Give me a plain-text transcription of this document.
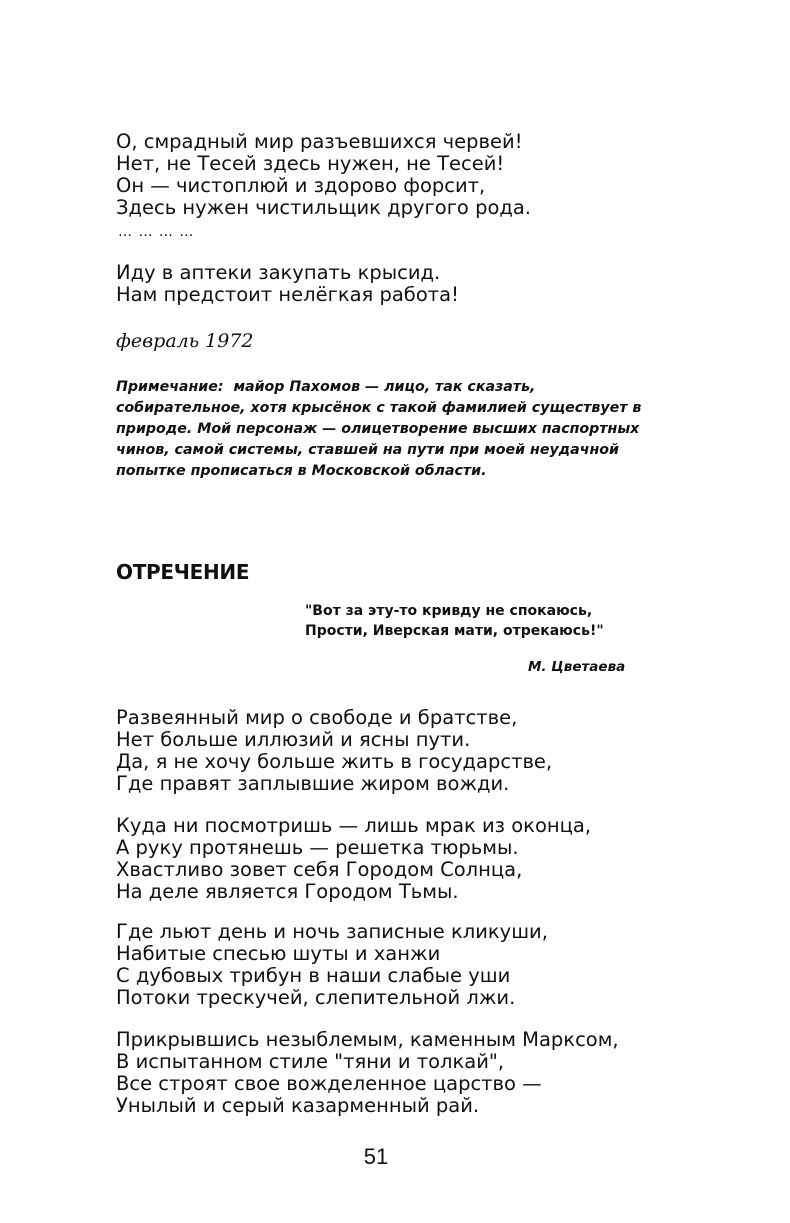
О, смрадный мир разъевшихся червей!
Нет, не Тесей здесь нужен, не Тесей!
Он — чистоплюй и здорово форсит,
Здесь нужен чистильщик другого рода.
… … … …
Иду в аптеки закупать крысид.
Нам предстоит нелёгкая работа!
февраль 1972
Примечание: майор Пахомов — лицо, так сказать,
собирательное, хотя крысёнок с такой фамилией существует в
природе. Мой персонаж — олицетворение высших паспортных
чинов, самой системы, ставшей на пути при моей неудачной
попытке прописаться в Московской области.
ОТРЕЧЕНИЕ
"Вот за эту-то кривду не спокаюсь,
Прости, Иверская мати, отрекаюсь!"
М. Цветаева
Развеянный мир о свободе и братстве,
Нет больше иллюзий и ясны пути.
Да, я не хочу больше жить в государстве,
Где правят заплывшие жиром вожди.
Куда ни посмотришь — лишь мрак из оконца,
А руку протянешь — решетка тюрьмы.
Хвастливо зовет себя Городом Солнца,
На деле является Городом Тьмы.
Где льют день и ночь записные кликуши,
Набитые спесью шуты и ханжи
С дубовых трибун в наши слабые уши
Потоки трескучей, слепительной лжи.
Прикрывшись незыблемым, каменным Марксом,
В испытанном стиле "тяни и толкай",
Все строят свое вожделенное царство —
Унылый и серый казарменный рай.
51
